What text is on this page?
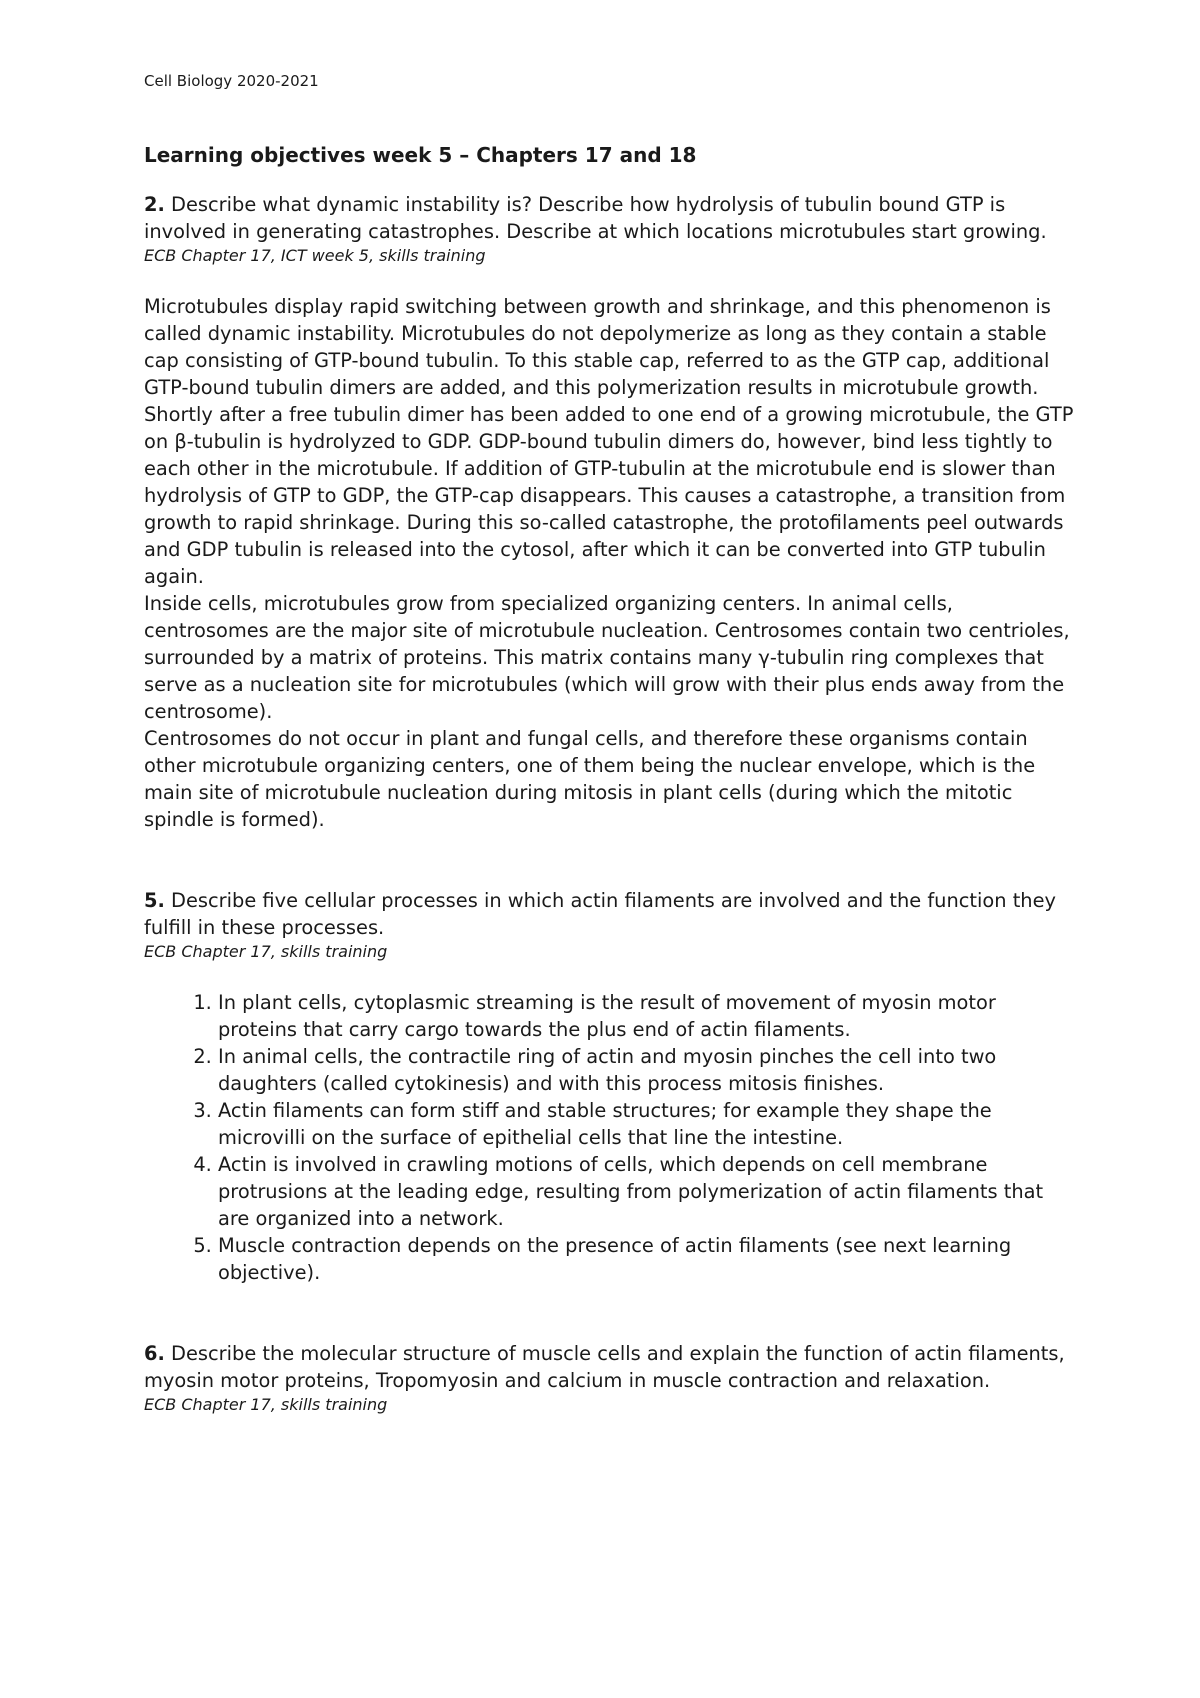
Cell Biology 2020-2021

Learning objectives week 5 – Chapters 17 and 18

2. Describe what dynamic instability is? Describe how hydrolysis of tubulin bound GTP is involved in generating catastrophes. Describe at which locations microtubules start growing.

ECB Chapter 17, ICT week 5, skills training

Microtubules display rapid switching between growth and shrinkage, and this phenomenon is called dynamic instability. Microtubules do not depolymerize as long as they contain a stable cap consisting of GTP-bound tubulin. To this stable cap, referred to as the GTP cap, additional GTP-bound tubulin dimers are added, and this polymerization results in microtubule growth. Shortly after a free tubulin dimer has been added to one end of a growing microtubule, the GTP on β-tubulin is hydrolyzed to GDP. GDP-bound tubulin dimers do, however, bind less tightly to each other in the microtubule. If addition of GTP-tubulin at the microtubule end is slower than hydrolysis of GTP to GDP, the GTP-cap disappears. This causes a catastrophe, a transition from growth to rapid shrinkage. During this so-called catastrophe, the protofilaments peel outwards and GDP tubulin is released into the cytosol, after which it can be converted into GTP tubulin again.

Inside cells, microtubules grow from specialized organizing centers. In animal cells, centrosomes are the major site of microtubule nucleation. Centrosomes contain two centrioles, surrounded by a matrix of proteins. This matrix contains many γ-tubulin ring complexes that serve as a nucleation site for microtubules (which will grow with their plus ends away from the centrosome).

Centrosomes do not occur in plant and fungal cells, and therefore these organisms contain other microtubule organizing centers, one of them being the nuclear envelope, which is the main site of microtubule nucleation during mitosis in plant cells (during which the mitotic spindle is formed).

5. Describe five cellular processes in which actin filaments are involved and the function they fulfill in these processes.

ECB Chapter 17, skills training

1. In plant cells, cytoplasmic streaming is the result of movement of myosin motor proteins that carry cargo towards the plus end of actin filaments.
2. In animal cells, the contractile ring of actin and myosin pinches the cell into two daughters (called cytokinesis) and with this process mitosis finishes.
3. Actin filaments can form stiff and stable structures; for example they shape the microvilli on the surface of epithelial cells that line the intestine.
4. Actin is involved in crawling motions of cells, which depends on cell membrane protrusions at the leading edge, resulting from polymerization of actin filaments that are organized into a network.
5. Muscle contraction depends on the presence of actin filaments (see next learning objective).

6. Describe the molecular structure of muscle cells and explain the function of actin filaments, myosin motor proteins, Tropomyosin and calcium in muscle contraction and relaxation.

ECB Chapter 17, skills training
